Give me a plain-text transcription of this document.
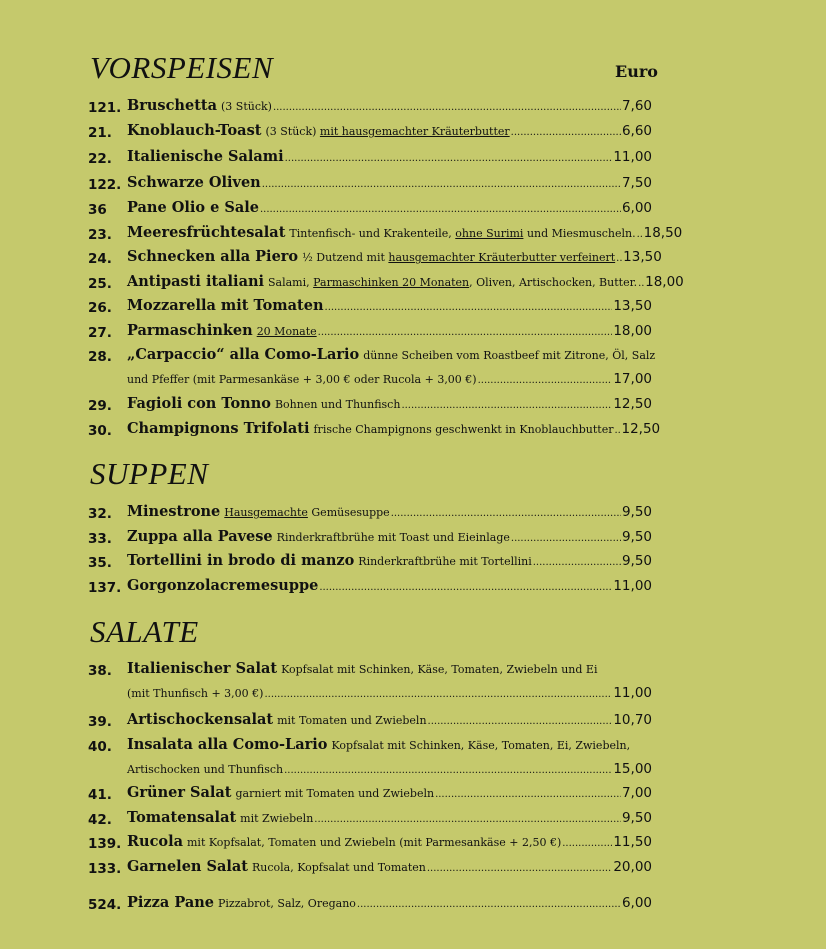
VORSPEISEN	Euro
121. Bruschetta (3 Stück) .....	7,60
21. Knoblauch-Toast (3 Stück) mit hausgemachter Kräuterbutter .....	6,60
22. Italienische Salami .....	11,00
122. Schwarze Oliven .....	7,50
36 Pane Olio e Sale .....	6,00
23. Meeresfrüchtesalat Tintenfisch- und Krakenteile, ohne Surimi und Miesmuscheln. ..... 18,50
24. Schnecken alla Piero ½ Dutzend mit hausgemachter Kräuterbutter verfeinert ..... 13,50
25. Antipasti italiani Salami, Parmaschinken 20 Monaten, Oliven, Artischocken, Butter. ..... 18,00
26. Mozzarella mit Tomaten .....	13,50
27. Parmaschinken 20 Monate .....	18,00
28. „Carpaccio“ alla Como-Lario dünne Scheiben vom Roastbeef mit Zitrone, Öl, Salz
und Pfeffer (mit Parmesankäse + 3,00 € oder Rucola + 3,00 €) .....	17,00
29. Fagioli con Tonno Bohnen und Thunfisch .....	12,50
30. Champignons Trifolati frische Champignons geschwenkt in Knoblauchbutter ..... 12,50
SUPPEN
32. Minestrone Hausgemachte Gemüsesuppe .....	9,50
33. Zuppa alla Pavese Rinderkraftbrühe mit Toast und Eieinlage .....	9,50
35. Tortellini in brodo di manzo Rinderkraftbrühe mit Tortellini .....	9,50
137. Gorgonzolacremesuppe .....	11,00
SALATE
38. Italienischer Salat Kopfsalat mit Schinken, Käse, Tomaten, Zwiebeln und Ei
(mit Thunfisch + 3,00 €) .....	11,00
39. Artischockensalat mit Tomaten und Zwiebeln .....	10,70
40. Insalata alla Como-Lario Kopfsalat mit Schinken, Käse, Tomaten, Ei, Zwiebeln,
Artischocken und Thunfisch .....	15,00
41. Grüner Salat garniert mit Tomaten und Zwiebeln .....	7,00
42. Tomatensalat mit Zwiebeln .....	9,50
139. Rucola mit Kopfsalat, Tomaten und Zwiebeln (mit Parmesankäse + 2,50 €) .....	11,50
133. Garnelen Salat Rucola, Kopfsalat und Tomaten .....	20,00
524. Pizza Pane Pizzabrot, Salz, Oregano .....	6,00
